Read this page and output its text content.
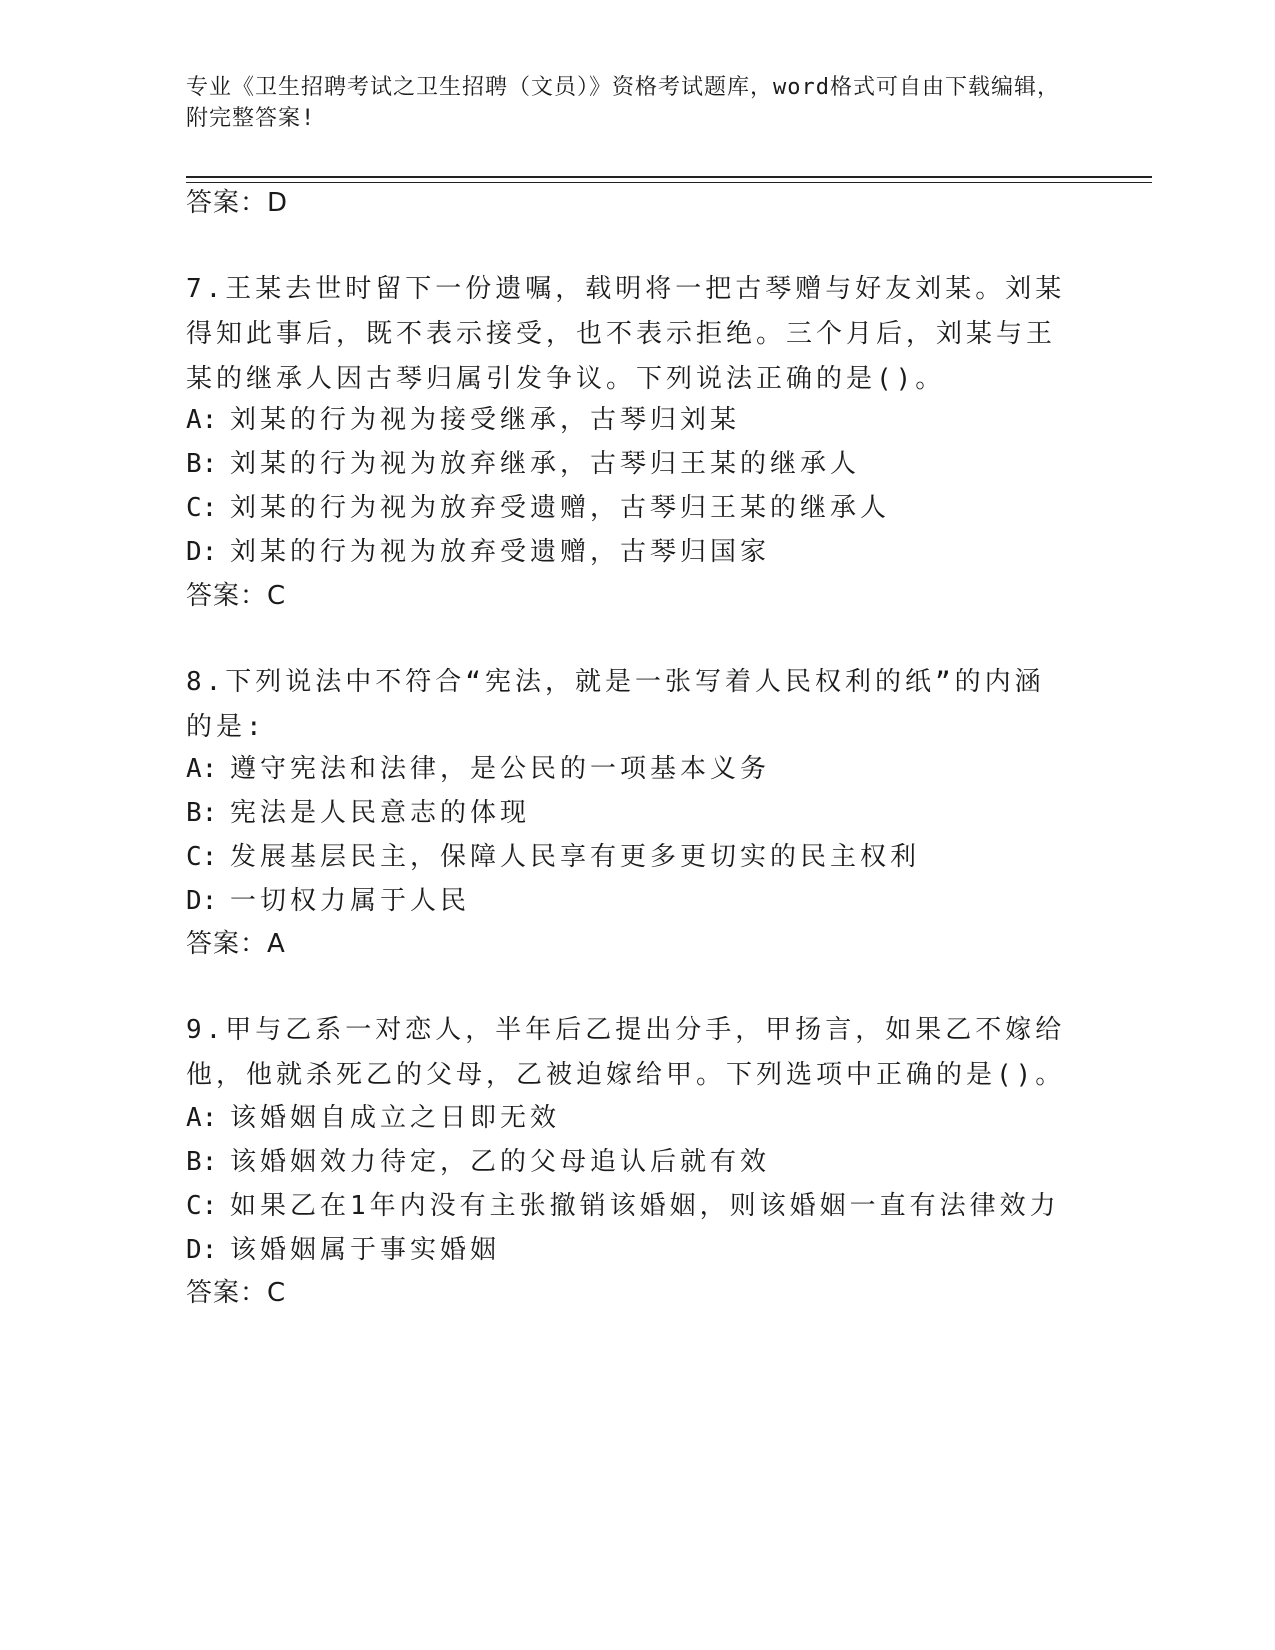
专业《卫生招聘考试之卫生招聘（文员）》资格考试题库，word格式可自由下载编辑，附完整答案!
答案：D
7.王某去世时留下一份遗嘱，载明将一把古琴赠与好友刘某。刘某得知此事后，既不表示接受，也不表示拒绝。三个月后，刘某与王某的继承人因古琴归属引发争议。下列说法正确的是()。
A: 刘某的行为视为接受继承，古琴归刘某
B: 刘某的行为视为放弃继承，古琴归王某的继承人
C: 刘某的行为视为放弃受遗赠，古琴归王某的继承人
D: 刘某的行为视为放弃受遗赠，古琴归国家
答案：C
8.下列说法中不符合“宪法，就是一张写着人民权利的纸”的内涵的是:
A: 遵守宪法和法律，是公民的一项基本义务
B: 宪法是人民意志的体现
C: 发展基层民主，保障人民享有更多更切实的民主权利
D: 一切权力属于人民
答案：A
9.甲与乙系一对恋人，半年后乙提出分手，甲扬言，如果乙不嫁给他，他就杀死乙的父母，乙被迫嫁给甲。下列选项中正确的是()。
A: 该婚姻自成立之日即无效
B: 该婚姻效力待定，乙的父母追认后就有效
C: 如果乙在1年内没有主张撤销该婚姻，则该婚姻一直有法律效力
D: 该婚姻属于事实婚姻
答案：C
